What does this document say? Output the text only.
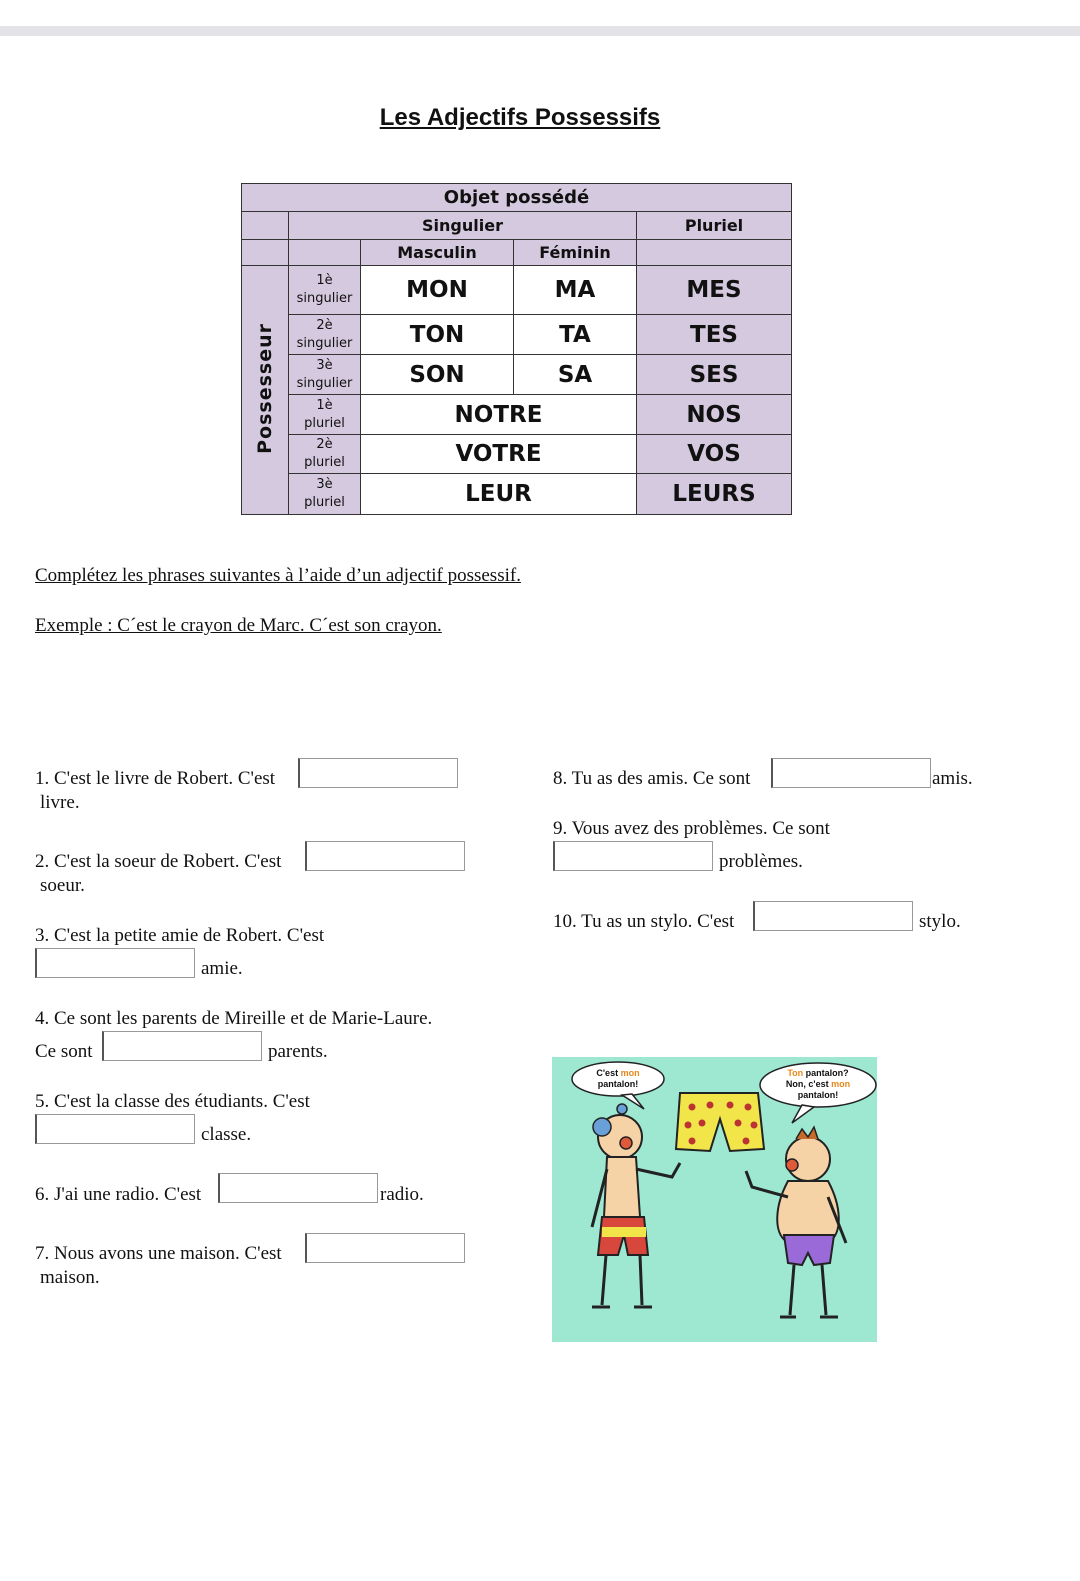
Les Adjectifs Possessifs
Objet possédé				
	Singulier			Pluriel
		Masculin	Féminin	
Possesseur	1è
singulier	MON	MA	MES
	2è
singulier	TON	TA	TES
	3è
singulier	SON	SA	SES
	1è
pluriel	NOTRE		NOS
	2è
pluriel	VOTRE		VOS
	3è
pluriel	LEUR		LEURS
Complétez les phrases suivantes à l’aide d’un adjectif possessif.
Exemple : C´est le crayon de Marc. C´est son crayon.
1. C'est le livre de Robert. C'est
livre.
2. C'est la soeur de Robert. C'est
soeur.
3. C'est la petite amie de Robert. C'est
amie.
4. Ce sont les parents de Mireille et de Marie-Laure.
Ce sont	parents.
5. C'est la classe des étudiants. C'est
classe.
6. J'ai une radio. C'est	radio.
7. Nous avons une maison. C'est
maison.
8. Tu as des amis. Ce sont	amis.
9. Vous avez des problèmes. Ce sont
problèmes.
10. Tu as un stylo. C'est	stylo.
C'est mon
pantalon!
Ton pantalon?
Non, c'est mon
pantalon!
